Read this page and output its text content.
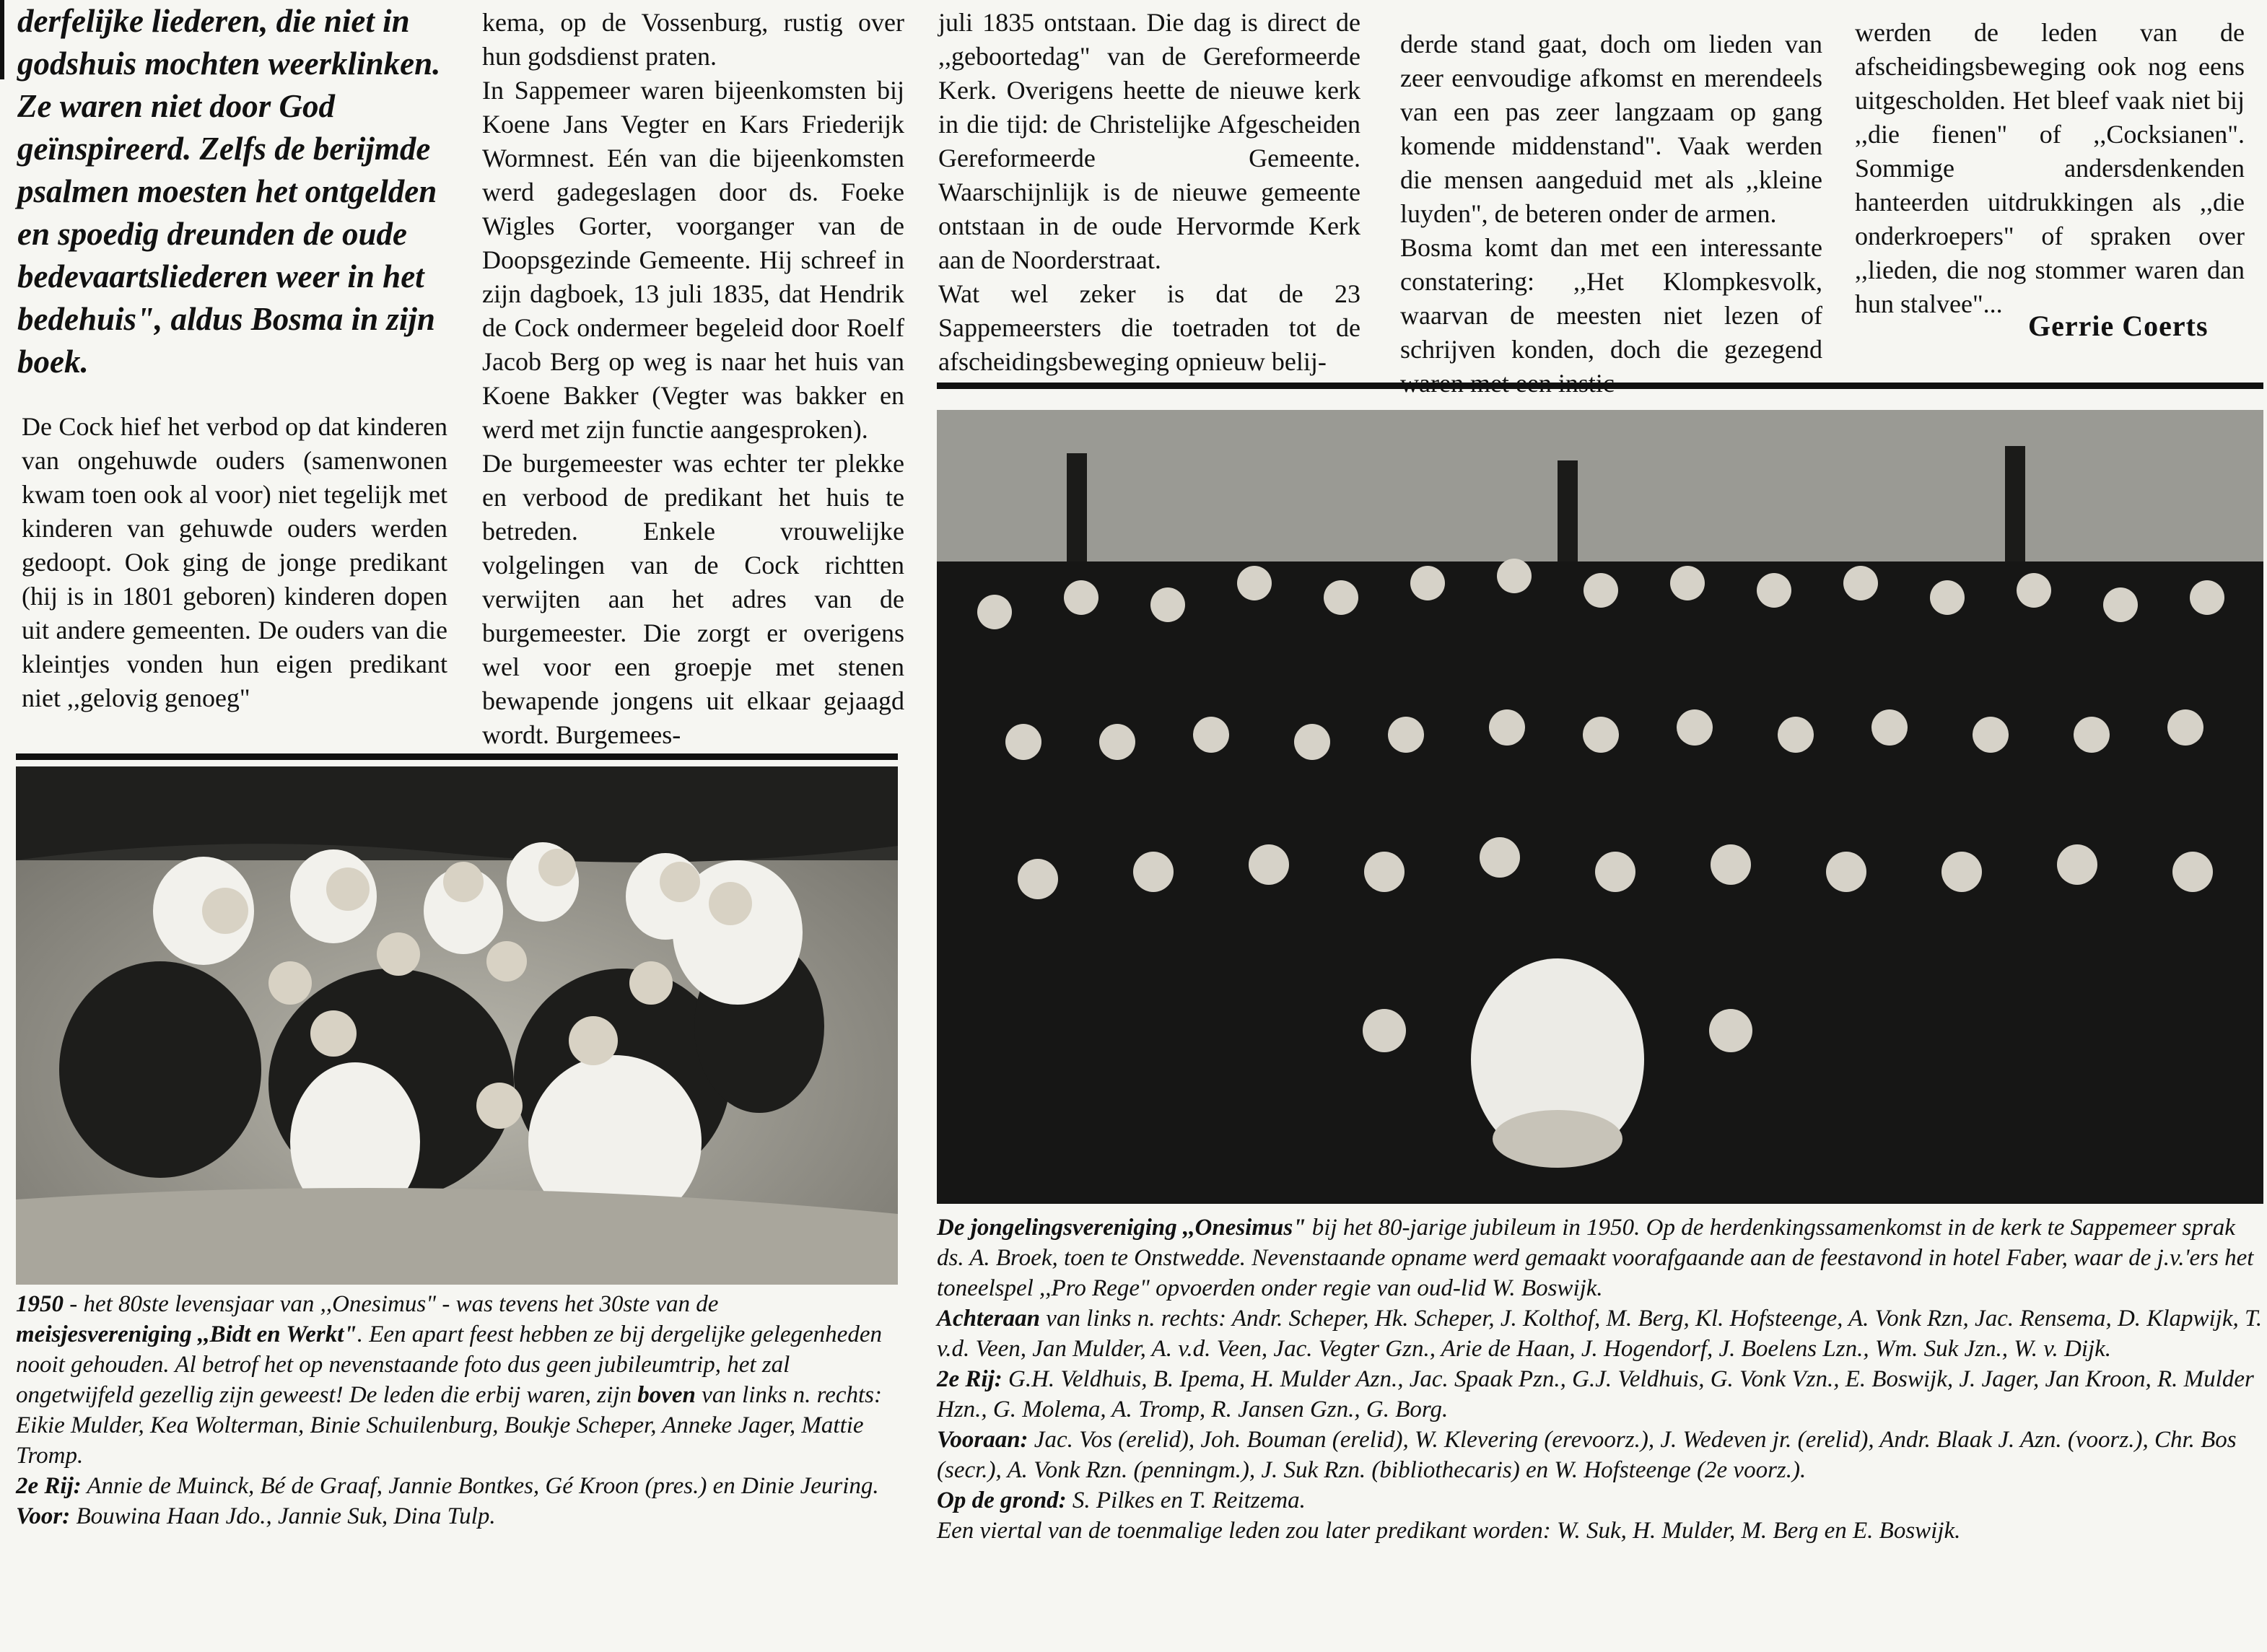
derfelijke liederen, die niet in godshuis mochten weerklinken. Ze waren niet door God geïnspireerd. Zelfs de berijmde psalmen moesten het ontgelden en spoedig dreunden de oude bedevaartsliederen weer in het bedehuis", aldus Bosma in zijn boek.

De Cock hief het verbod op dat kinderen van ongehuwde ouders (samenwonen kwam toen ook al voor) niet tegelijk met kinderen van gehuwde ouders werden gedoopt. Ook ging de jonge predikant (hij is in 1801 geboren) kinderen dopen uit andere gemeenten. De ouders van die kleintjes vonden hun eigen predikant niet ,,gelovig genoeg"

kema, op de Vossenburg, rustig over hun godsdienst praten.

In Sappemeer waren bijeenkomsten bij Koene Jans Vegter en Kars Friederijk Wormnest. Eén van die bijeenkomsten werd gadegeslagen door ds. Foeke Wigles Gorter, voorganger van de Doopsgezinde Gemeente. Hij schreef in zijn dagboek, 13 juli 1835, dat Hendrik de Cock ondermeer begeleid door Roelf Jacob Berg op weg is naar het huis van Koene Bakker (Vegter was bakker en werd met zijn functie aangesproken).

De burgemeester was echter ter plekke en verbood de predikant het huis te betreden. Enkele vrouwelijke volgelingen van de Cock richtten verwijten aan het adres van de burgemeester. Die zorgt er overigens wel voor een groepje met stenen bewapende jongens uit elkaar gejaagd wordt. Burgemees-

juli 1835 ontstaan. Die dag is direct de ,,geboortedag" van de Gereformeerde Kerk. Overigens heette de nieuwe kerk in die tijd: de Christelijke Afgescheiden Gereformeerde Gemeente. Waarschijnlijk is de nieuwe gemeente ontstaan in de oude Hervormde Kerk aan de Noorderstraat.

Wat wel zeker is dat de 23 Sappemeersters die toetraden tot de afscheidingsbeweging opnieuw belij-

derde stand gaat, doch om lieden van zeer eenvoudige afkomst en merendeels van een pas zeer langzaam op gang komende middenstand". Vaak werden die mensen aangeduid met als ,,kleine luyden", de beteren onder de armen.

Bosma komt dan met een interessante constatering: ,,Het Klompkesvolk, waarvan de meesten niet lezen of schrijven konden, doch die gezegend

werden de leden van de afscheidingsbeweging ook nog eens uitgescholden. Het bleef vaak niet bij ,,die fienen" of ,,Cocksianen". Sommige andersdenkenden hanteerden uitdrukkingen als ,,die onderkroepers" of spraken over ,,lieden, die nog stommer waren dan hun stalvee"...

Gerrie Coerts

1950 - het 80ste levensjaar van ,,Onesimus" - was tevens het 30ste van de meisjesvereniging ,,Bidt en Werkt". Een apart feest hebben ze bij dergelijke gelegenheden nooit gehouden. Al betrof het op nevenstaande foto dus geen jubileumtrip, het zal ongetwijfeld gezellig zijn geweest! De leden die erbij waren, zijn boven van links n. rechts: Eikie Mulder, Kea Wolterman, Binie Schuilenburg, Boukje Scheper, Anneke Jager, Mattie Tromp.

2e Rij: Annie de Muinck, Bé de Graaf, Jannie Bontkes, Gé Kroon (pres.) en Dinie Jeuring.

Voor: Bouwina Haan Jdo., Jannie Suk, Dina Tulp.

De jongelingsvereniging ,,Onesimus" bij het 80-jarige jubileum in 1950. Op de herdenkingssamenkomst in de kerk te Sappemeer sprak ds. A. Broek, toen te Onstwedde. Nevenstaande opname werd gemaakt voorafgaande aan de feestavond in hotel Faber, waar de j.v.'ers het toneelspel ,,Pro Rege" opvoerden onder regie van oud-lid W. Boswijk.

Achteraan van links n. rechts: Andr. Scheper, Hk. Scheper, J. Kolthof, M. Berg, Kl. Hofsteenge, A. Vonk Rzn, Jac. Rensema, D. Klapwijk, T. v.d. Veen, Jan Mulder, A. v.d. Veen, Jac. Vegter Gzn., Arie de Haan, J. Hogendorf, J. Boelens Lzn., Wm. Suk Jzn., W. v. Dijk.

2e Rij: G.H. Veldhuis, B. Ipema, H. Mulder Azn., Jac. Spaak Pzn., G.J. Veldhuis, G. Vonk Vzn., E. Boswijk, J. Jager, Jan Kroon, R. Mulder Hzn., G. Molema, A. Tromp, R. Jansen Gzn., G. Borg.

Vooraan: Jac. Vos (erelid), Joh. Bouman (erelid), W. Klevering (erevoorz.), J. Wedeven jr. (erelid), Andr. Blaak J. Azn. (voorz.), Chr. Bos (secr.), A. Vonk Rzn. (penningm.), J. Suk Rzn. (bibliothecaris) en W. Hofsteenge (2e voorz.).

Op de grond: S. Pilkes en T. Reitzema.

Een viertal van de toenmalige leden zou later predikant worden: W. Suk, H. Mulder, M. Berg en E. Boswijk.
